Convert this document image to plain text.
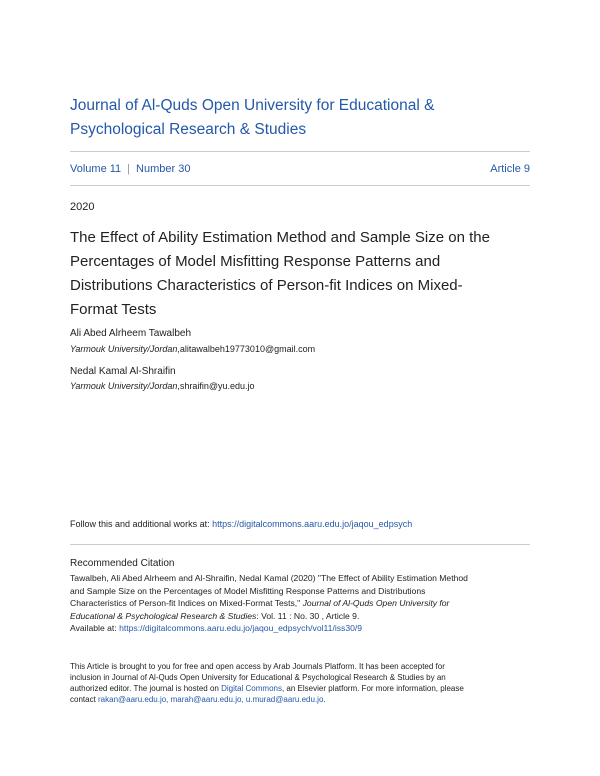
Journal of Al-Quds Open University for Educational &
Psychological Research & Studies
Volume 11 | Number 30	Article 9
2020
The Effect of Ability Estimation Method and Sample Size on the
Percentages of Model Misfitting Response Patterns and
Distributions Characteristics of Person-fit Indices on Mixed-
Format Tests
Ali Abed Alrheem Tawalbeh
Yarmouk University/Jordan,alitawalbeh19773010@gmail.com
Nedal Kamal Al-Shraifin
Yarmouk University/Jordan,shraifin@yu.edu.jo
Follow this and additional works at: https://digitalcommons.aaru.edu.jo/jaqou_edpsych
Recommended Citation
Tawalbeh, Ali Abed Alrheem and Al-Shraifin, Nedal Kamal (2020) "The Effect of Ability Estimation Method
and Sample Size on the Percentages of Model Misfitting Response Patterns and Distributions
Characteristics of Person-fit Indices on Mixed-Format Tests," Journal of Al-Quds Open University for
Educational & Psychological Research & Studies: Vol. 11 : No. 30 , Article 9.
Available at: https://digitalcommons.aaru.edu.jo/jaqou_edpsych/vol11/iss30/9
This Article is brought to you for free and open access by Arab Journals Platform. It has been accepted for
inclusion in Journal of Al-Quds Open University for Educational & Psychological Research & Studies by an
authorized editor. The journal is hosted on Digital Commons, an Elsevier platform. For more information, please
contact rakan@aaru.edu.jo, marah@aaru.edu.jo, u.murad@aaru.edu.jo.
